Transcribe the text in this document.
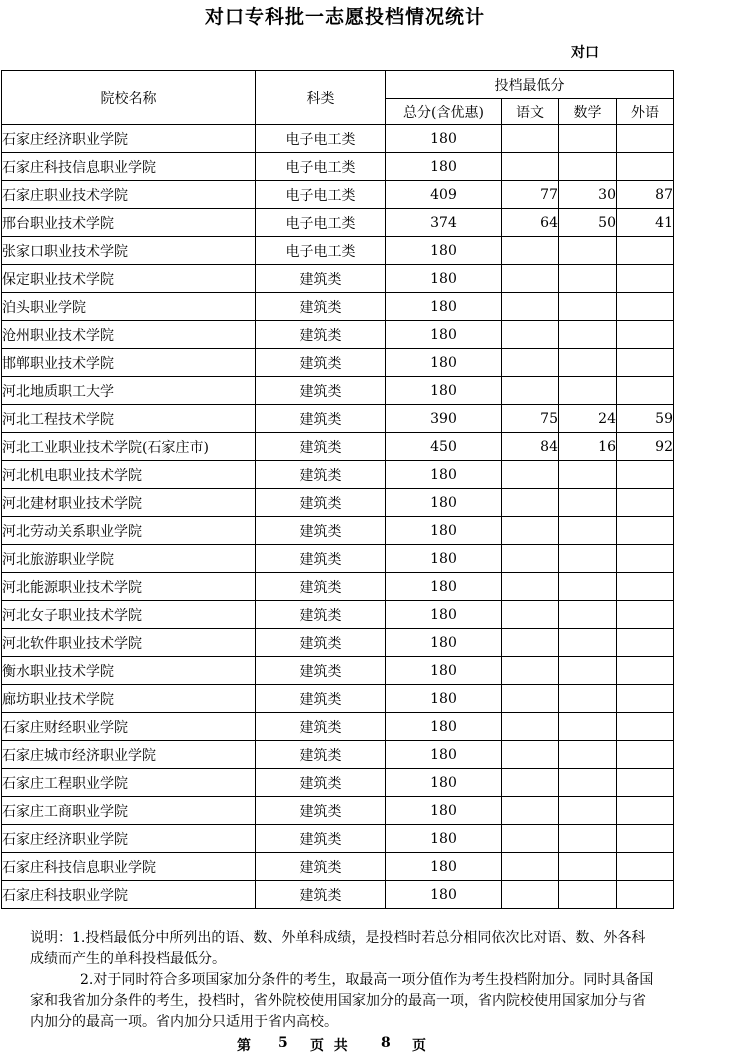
对口专科批一志愿投档情况统计
对口
院校名称	科类	投档最低分			
		总分(含优惠)	语文	数学	外语
石家庄经济职业学院	电子电工类	180			
石家庄科技信息职业学院	电子电工类	180			
石家庄职业技术学院	电子电工类	409	77	30	87
邢台职业技术学院	电子电工类	374	64	50	41
张家口职业技术学院	电子电工类	180			
保定职业技术学院	建筑类	180			
泊头职业学院	建筑类	180			
沧州职业技术学院	建筑类	180			
邯郸职业技术学院	建筑类	180			
河北地质职工大学	建筑类	180			
河北工程技术学院	建筑类	390	75	24	59
河北工业职业技术学院(石家庄市)	建筑类	450	84	16	92
河北机电职业技术学院	建筑类	180			
河北建材职业技术学院	建筑类	180			
河北劳动关系职业学院	建筑类	180			
河北旅游职业学院	建筑类	180			
河北能源职业技术学院	建筑类	180			
河北女子职业技术学院	建筑类	180			
河北软件职业技术学院	建筑类	180			
衡水职业技术学院	建筑类	180			
廊坊职业技术学院	建筑类	180			
石家庄财经职业学院	建筑类	180			
石家庄城市经济职业学院	建筑类	180			
石家庄工程职业学院	建筑类	180			
石家庄工商职业学院	建筑类	180			
石家庄经济职业学院	建筑类	180			
石家庄科技信息职业学院	建筑类	180			
石家庄科技职业学院	建筑类	180			

说明：1.投档最低分中所列出的语、数、外单科成绩，是投档时若总分相同依次比对语、数、外各科成绩而产生的单科投档最低分。

2.对于同时符合多项国家加分条件的考生，取最高一项分值作为考生投档附加分。同时具备国家和我省加分条件的考生，投档时，省外院校使用国家加分的最高一项，省内院校使用国家加分与省内加分的最高一项。省内加分只适用于省内高校。

第 5 页  共 8 页
